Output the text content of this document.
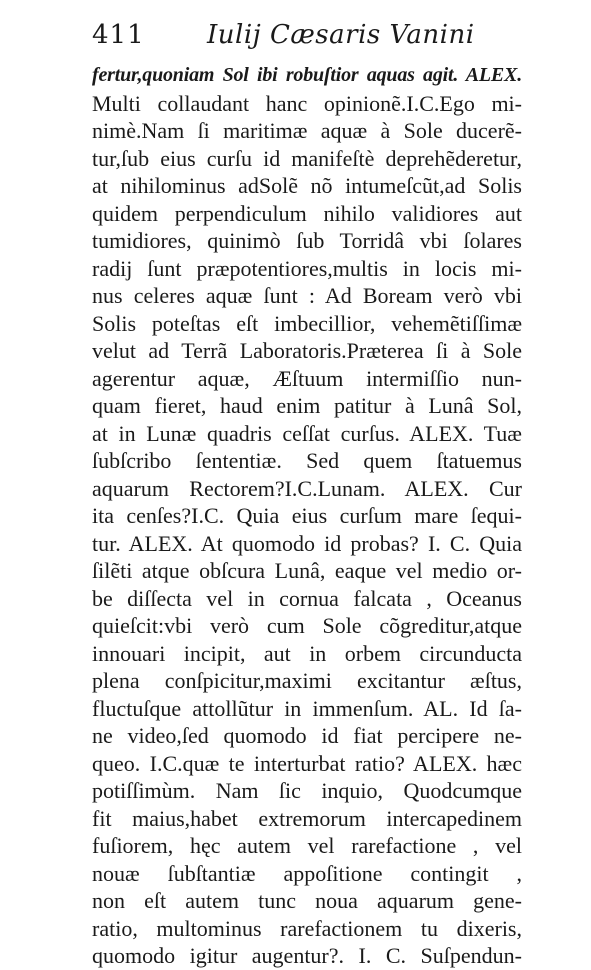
411 Iulij Cæsaris Vanini
fertur,quoniam Sol ibi robuſtior aquas agit. ALEX.
Multi collaudant hanc opinionẽ.I.C.Ego mi-
nimè.Nam ſi maritimæ aquæ à Sole ducerẽ-
tur,ſub eius curſu id manifeſtè deprehẽderetur,
at nihilominus adSolẽ nõ intumeſcũt,ad Solis
quidem perpendiculum nihilo validiores aut
tumidiores, quinimò ſub Torridâ vbi ſolares
radij ſunt præpotentiores,multis in locis mi-
nus celeres aquæ ſunt : Ad Boream verò vbi
Solis poteſtas eſt imbecillior, vehemẽtiſſimæ
velut ad Terrã Laboratoris.Præterea ſi à Sole
agerentur aquæ, Æſtuum intermiſſio nun-
quam fieret, haud enim patitur à Lunâ Sol,
at in Lunæ quadris ceſſat curſus. ALEX. Tuæ
ſubſcribo ſententiæ. Sed quem ſtatuemus
aquarum Rectorem?I.C.Lunam. ALEX. Cur
ita cenſes?I.C. Quia eius curſum mare ſequi-
tur. ALEX. At quomodo id probas? I. C. Quia
ſilẽti atque obſcura Lunâ, eaque vel medio or-
be diſſecta vel in cornua falcata , Oceanus
quieſcit:vbi verò cum Sole cõgreditur,atque
innouari incipit, aut in orbem circunducta
plena conſpicitur,maximi excitantur æſtus,
fluctuſque attollũtur in immenſum. AL. Id ſa-
ne video,ſed quomodo id fiat percipere ne-
queo. I.C.quæ te interturbat ratio? ALEX. hæc
potiſſimùm. Nam ſic inquio, Quodcumque
fit maius,habet extremorum intercapedinem
fuſiorem, hęc autem vel rarefactione , vel
nouæ ſubſtantiæ appoſitione contingit ,
non eſt autem tunc noua aquarum gene-
ratio, multominus rarefactionem tu dixeris,
quomodo igitur augentur?. I. C. Suſpendun-
